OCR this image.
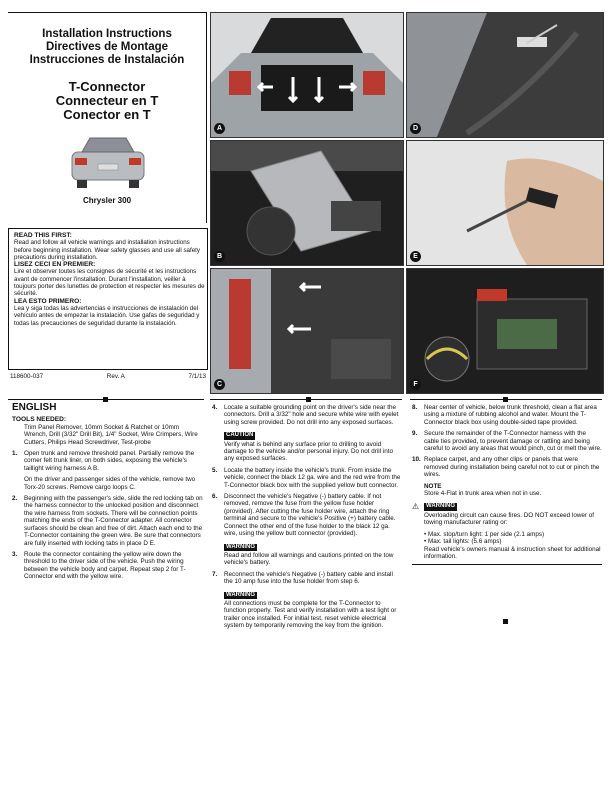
Installation Instructions
Directives de Montage
Instrucciones de Instalación
T-Connector
Connecteur en T
Conector en T
Chrysler 300
READ THIS FIRST:
Read and follow all vehicle warnings and installation instructions before beginning installation. Wear safety glasses and use all safety precautions during installation.
LISEZ CECI EN PREMIER:
Lire et observer toutes les consignes de sécurité et les instructions avant de commencer l'installation. Durant l'installation, veiller à toujours porter des lunettes de protection et respecter les mesures de sécurité.
LEA ESTO PRIMERO:
Lea y siga todas las advertencias e instrucciones de instalación del vehículo antes de empezar la instalación. Use gafas de seguridad y todas las precauciones de seguridad durante la instalación.
118600-037	Rev. A	7/1/13
A	D
B	E
C	F
ENGLISH
TOOLS NEEDED:
Trim Panel Remover, 10mm Socket & Ratchet or 10mm Wrench, Drill (3/32" Drill Bit), 1/4" Socket, Wire Crimpers, Wire Cutters, Philips Head Screwdriver, Test-probe
1.	Open trunk and remove threshold panel. Partially remove the corner felt trunk liner, on both sides, exposing the vehicle's taillight wiring harness A B.
On the driver and passenger sides of the vehicle, remove two Torx-20 screws. Remove cargo loops C.
2.	Beginning with the passenger's side, slide the red locking tab on the harness connector to the unlocked position and disconnect the wire harness from sockets. There will be connection points matching the ends of the T-Connector adapter. All connector surfaces should be clean and free of dirt. Attach each end to the T-Connector containing the green wire. Be sure that connectors are fully inserted with locking tabs in place D E.
3.	Route the connector containing the yellow wire down the threshold to the driver side of the vehicle. Push the wiring between the vehicle body and carpet. Repeat step 2 for T-Connector end with the yellow wire.
4.	Locate a suitable grounding point on the driver's side near the connectors. Drill a 3/32" hole and secure white wire with eyelet using screw provided. Do not drill into any exposed surfaces.
CAUTION
Verify what is behind any surface prior to drilling to avoid damage to the vehicle and/or personal injury. Do not drill into any exposed surfaces.
5.	Locate the battery inside the vehicle's trunk. From inside the vehicle, connect the black 12 ga. wire and the red wire from the T-Connector black box with the supplied yellow butt connector.
6.	Disconnect the vehicle's Negative (-) battery cable. If not removed, remove the fuse from the yellow fuse holder (provided). After cutting the fuse holder wire, attach the ring terminal and secure to the vehicle's Positive (+) battery cable. Connect the other end of the fuse holder to the black 12 ga. wire, using the yellow butt connector (provided).
WARNING
Read and follow all warnings and cautions printed on the tow vehicle's battery.
7.	Reconnect the vehicle's Negative (-) battery cable and install the 10 amp fuse into the fuse holder from step 6.
WARNING
All connections must be complete for the T-Connector to function properly. Test and verify installation with a test light or trailer once installed. For initial test, reset vehicle electrical system by temporarily removing the key from the ignition.
8.	Near center of vehicle, below trunk threshold, clean a flat area using a mixture of rubbing alcohol and water. Mount the T-Connector black box using double-sided tape provided.
9.	Secure the remainder of the T-Connector harness with the cable ties provided, to prevent damage or rattling and being careful to avoid any areas that would pinch, cut or melt the wire.
10. Replace carpet, and any other clips or panels that were removed during installation being careful not to cut or pinch the wires.
NOTE
Store 4-Flat in trunk area when not in use.
⚠	WARNING
Overloading circuit can cause fires. DO NOT exceed lower of towing manufacturer rating or:
• Max. stop/turn light: 1 per side (2.1 amps)
• Max. tail lights: (5.6 amps)
Read vehicle's owners manual & instruction sheet for additional information.
